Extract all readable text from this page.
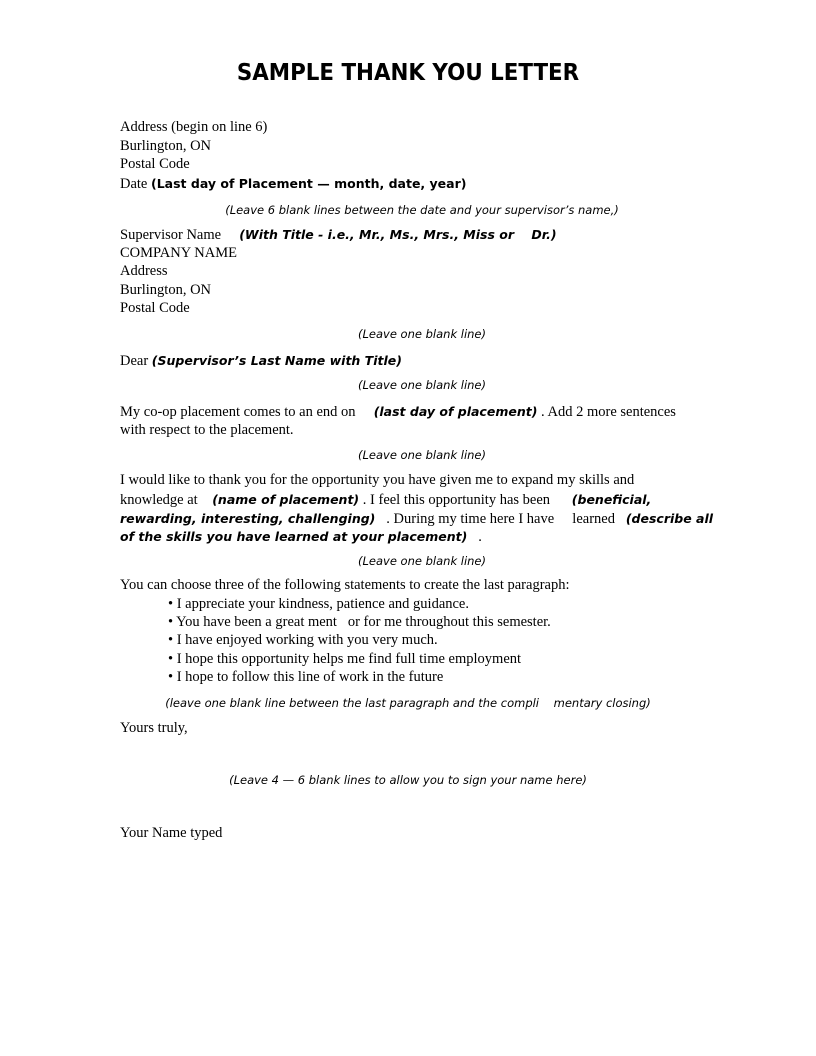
SAMPLE THANK YOU LETTER
Address (begin on line 6)
Burlington, ON
Postal Code
Date (Last day of Placement — month, date, year)
(Leave 6 blank lines between the date and your supervisor’s name,)
Supervisor Name (With Title - i.e., Mr., Ms., Mrs., Miss or    Dr.)
COMPANY NAME
Address
Burlington, ON
Postal Code
(Leave one blank line)
Dear (Supervisor’s Last Name with Title)
(Leave one blank line)
My co-op placement comes to an end on (last day of placement) . Add 2 more sentences
with respect to the placement.
(Leave one blank line)
I would like to thank you for the opportunity you have given me to expand my skills and
knowledge at (name of placement) . I feel this opportunity has been (beneficial,
rewarding, interesting, challenging) . During my time here I have learned (describe all
of the skills you have learned at your placement) .
(Leave one blank line)
You can choose three of the following statements to create the last paragraph:
• I appreciate your kindness, patience and guidance.
• You have been a great ment   or for me throughout this semester.
• I have enjoyed working with you very much.
• I hope this opportunity helps me find full time employment
• I hope to follow this line of work in the future
(leave one blank line between the last paragraph and the compli    mentary closing)
Yours truly,
(Leave 4 — 6 blank lines to allow you to sign your name here)
Your Name typed
